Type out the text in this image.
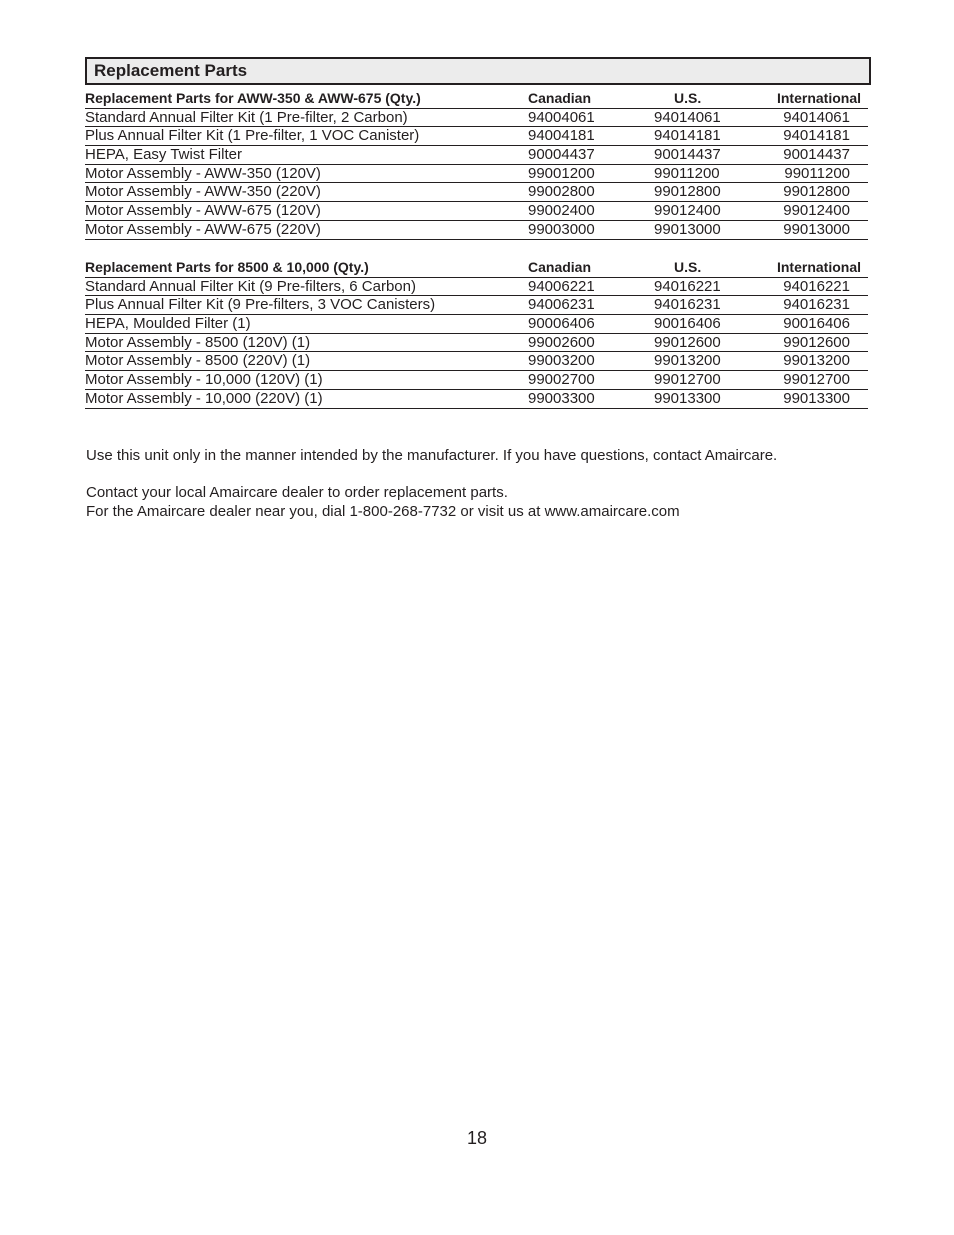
Replacement Parts
Replacement Parts for AWW-350 & AWW-675 (Qty.)	Canadian	U.S.	International
Standard Annual Filter Kit (1 Pre-filter, 2 Carbon)	94004061	94014061	94014061
Plus Annual Filter Kit (1 Pre-filter, 1 VOC Canister)	94004181	94014181	94014181
HEPA, Easy Twist Filter	90004437	90014437	90014437
Motor Assembly - AWW-350 (120V)	99001200	99011200	99011200
Motor Assembly - AWW-350 (220V)	99002800	99012800	99012800
Motor Assembly - AWW-675 (120V)	99002400	99012400	99012400
Motor Assembly - AWW-675 (220V)	99003000	99013000	99013000
Replacement Parts for 8500 & 10,000 (Qty.)	Canadian	U.S.	International
Standard Annual Filter Kit (9 Pre-filters, 6 Carbon)	94006221	94016221	94016221
Plus Annual Filter Kit (9 Pre-filters, 3 VOC Canisters)	94006231	94016231	94016231
HEPA, Moulded Filter (1)	90006406	90016406	90016406
Motor Assembly - 8500 (120V) (1)	99002600	99012600	99012600
Motor Assembly - 8500 (220V) (1)	99003200	99013200	99013200
Motor Assembly - 10,000 (120V) (1)	99002700	99012700	99012700
Motor Assembly - 10,000 (220V) (1)	99003300	99013300	99013300
Use this unit only in the manner intended by the manufacturer. If you have questions, contact Amaircare.
Contact your local Amaircare dealer to order replacement parts.
For the Amaircare dealer near you, dial 1-800-268-7732 or visit us at www.amaircare.com
18
